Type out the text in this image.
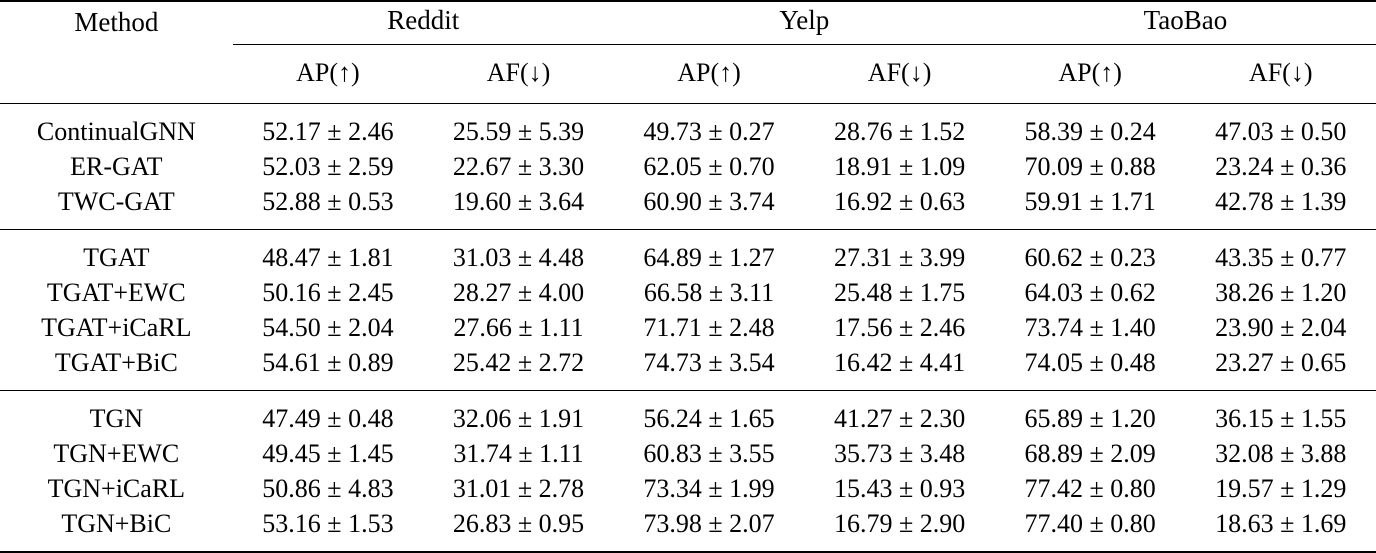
Method	Reddit		Yelp		TaoBao	
	AP(↑)	AF(↓)	AP(↑)	AF(↓)	AP(↑)	AF(↓)

ContinualGNN	52.17 ± 2.46	25.59 ± 5.39	49.73 ± 0.27	28.76 ± 1.52	58.39 ± 0.24	47.03 ± 0.50
ER-GAT	52.03 ± 2.59	22.67 ± 3.30	62.05 ± 0.70	18.91 ± 1.09	70.09 ± 0.88	23.24 ± 0.36
TWC-GAT	52.88 ± 0.53	19.60 ± 3.64	60.90 ± 3.74	16.92 ± 0.63	59.91 ± 1.71	42.78 ± 1.39

TGAT	48.47 ± 1.81	31.03 ± 4.48	64.89 ± 1.27	27.31 ± 3.99	60.62 ± 0.23	43.35 ± 0.77
TGAT+EWC	50.16 ± 2.45	28.27 ± 4.00	66.58 ± 3.11	25.48 ± 1.75	64.03 ± 0.62	38.26 ± 1.20
TGAT+iCaRL	54.50 ± 2.04	27.66 ± 1.11	71.71 ± 2.48	17.56 ± 2.46	73.74 ± 1.40	23.90 ± 2.04
TGAT+BiC	54.61 ± 0.89	25.42 ± 2.72	74.73 ± 3.54	16.42 ± 4.41	74.05 ± 0.48	23.27 ± 0.65

TGN	47.49 ± 0.48	32.06 ± 1.91	56.24 ± 1.65	41.27 ± 2.30	65.89 ± 1.20	36.15 ± 1.55
TGN+EWC	49.45 ± 1.45	31.74 ± 1.11	60.83 ± 3.55	35.73 ± 3.48	68.89 ± 2.09	32.08 ± 3.88
TGN+iCaRL	50.86 ± 4.83	31.01 ± 2.78	73.34 ± 1.99	15.43 ± 0.93	77.42 ± 0.80	19.57 ± 1.29
TGN+BiC	53.16 ± 1.53	26.83 ± 0.95	73.98 ± 2.07	16.79 ± 2.90	77.40 ± 0.80	18.63 ± 1.69
